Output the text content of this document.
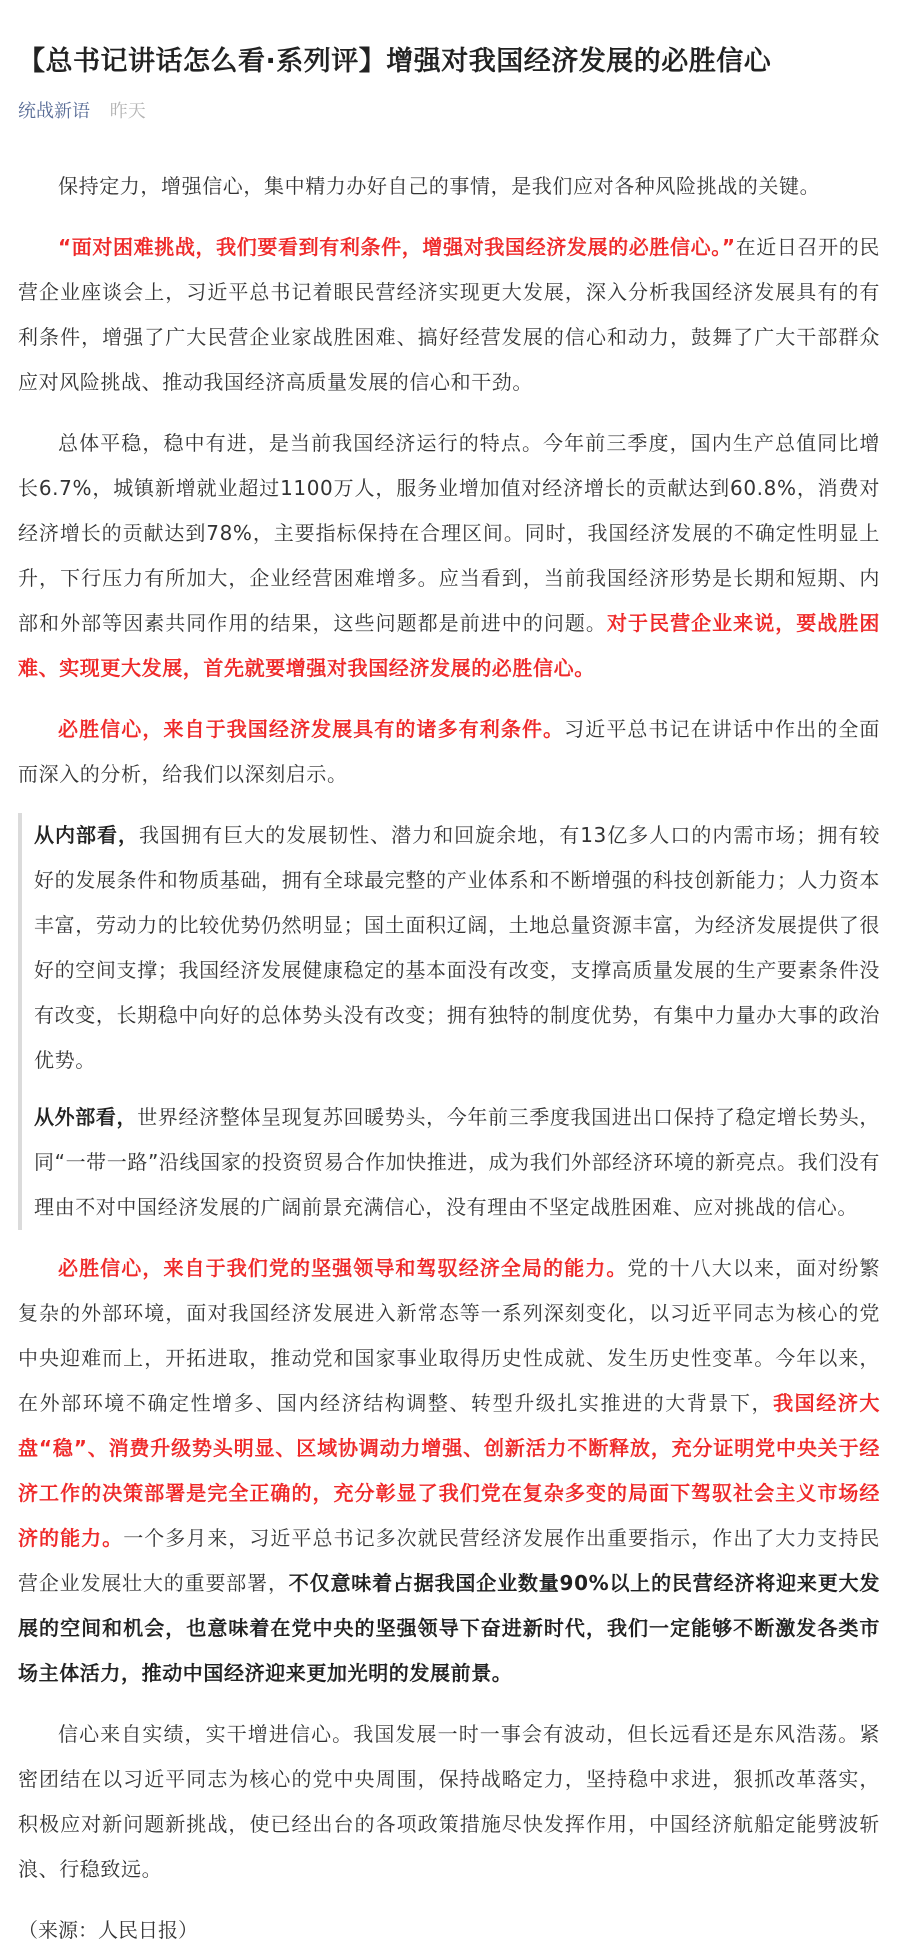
【总书记讲话怎么看·系列评】增强对我国经济发展的必胜信心
统战新语 昨天

保持定力，增强信心，集中精力办好自己的事情，是我们应对各种风险挑战的关键。

“面对困难挑战，我们要看到有利条件，增强对我国经济发展的必胜信心。”在近日召开的民营企业座谈会上，习近平总书记着眼民营经济实现更大发展，深入分析我国经济发展具有的有利条件，增强了广大民营企业家战胜困难、搞好经营发展的信心和动力，鼓舞了广大干部群众应对风险挑战、推动我国经济高质量发展的信心和干劲。

总体平稳，稳中有进，是当前我国经济运行的特点。今年前三季度，国内生产总值同比增长6.7%，城镇新增就业超过1100万人，服务业增加值对经济增长的贡献达到60.8%，消费对经济增长的贡献达到78%，主要指标保持在合理区间。同时，我国经济发展的不确定性明显上升，下行压力有所加大，企业经营困难增多。应当看到，当前我国经济形势是长期和短期、内部和外部等因素共同作用的结果，这些问题都是前进中的问题。对于民营企业来说，要战胜困难、实现更大发展，首先就要增强对我国经济发展的必胜信心。

必胜信心，来自于我国经济发展具有的诸多有利条件。习近平总书记在讲话中作出的全面而深入的分析，给我们以深刻启示。

从内部看，我国拥有巨大的发展韧性、潜力和回旋余地，有13亿多人口的内需市场；拥有较好的发展条件和物质基础，拥有全球最完整的产业体系和不断增强的科技创新能力；人力资本丰富，劳动力的比较优势仍然明显；国土面积辽阔，土地总量资源丰富，为经济发展提供了很好的空间支撑；我国经济发展健康稳定的基本面没有改变，支撑高质量发展的生产要素条件没有改变，长期稳中向好的总体势头没有改变；拥有独特的制度优势，有集中力量办大事的政治优势。

从外部看，世界经济整体呈现复苏回暖势头，今年前三季度我国进出口保持了稳定增长势头，同“一带一路”沿线国家的投资贸易合作加快推进，成为我们外部经济环境的新亮点。我们没有理由不对中国经济发展的广阔前景充满信心，没有理由不坚定战胜困难、应对挑战的信心。

必胜信心，来自于我们党的坚强领导和驾驭经济全局的能力。党的十八大以来，面对纷繁复杂的外部环境，面对我国经济发展进入新常态等一系列深刻变化，以习近平同志为核心的党中央迎难而上，开拓进取，推动党和国家事业取得历史性成就、发生历史性变革。今年以来，在外部环境不确定性增多、国内经济结构调整、转型升级扎实推进的大背景下，我国经济大盘“稳”、消费升级势头明显、区域协调动力增强、创新活力不断释放，充分证明党中央关于经济工作的决策部署是完全正确的，充分彰显了我们党在复杂多变的局面下驾驭社会主义市场经济的能力。一个多月来，习近平总书记多次就民营经济发展作出重要指示，作出了大力支持民营企业发展壮大的重要部署，不仅意味着占据我国企业数量90%以上的民营经济将迎来更大发展的空间和机会，也意味着在党中央的坚强领导下奋进新时代，我们一定能够不断激发各类市场主体活力，推动中国经济迎来更加光明的发展前景。

信心来自实绩，实干增进信心。我国发展一时一事会有波动，但长远看还是东风浩荡。紧密团结在以习近平同志为核心的党中央周围，保持战略定力，坚持稳中求进，狠抓改革落实，积极应对新问题新挑战，使已经出台的各项政策措施尽快发挥作用，中国经济航船定能劈波斩浪、行稳致远。

（来源：人民日报）
